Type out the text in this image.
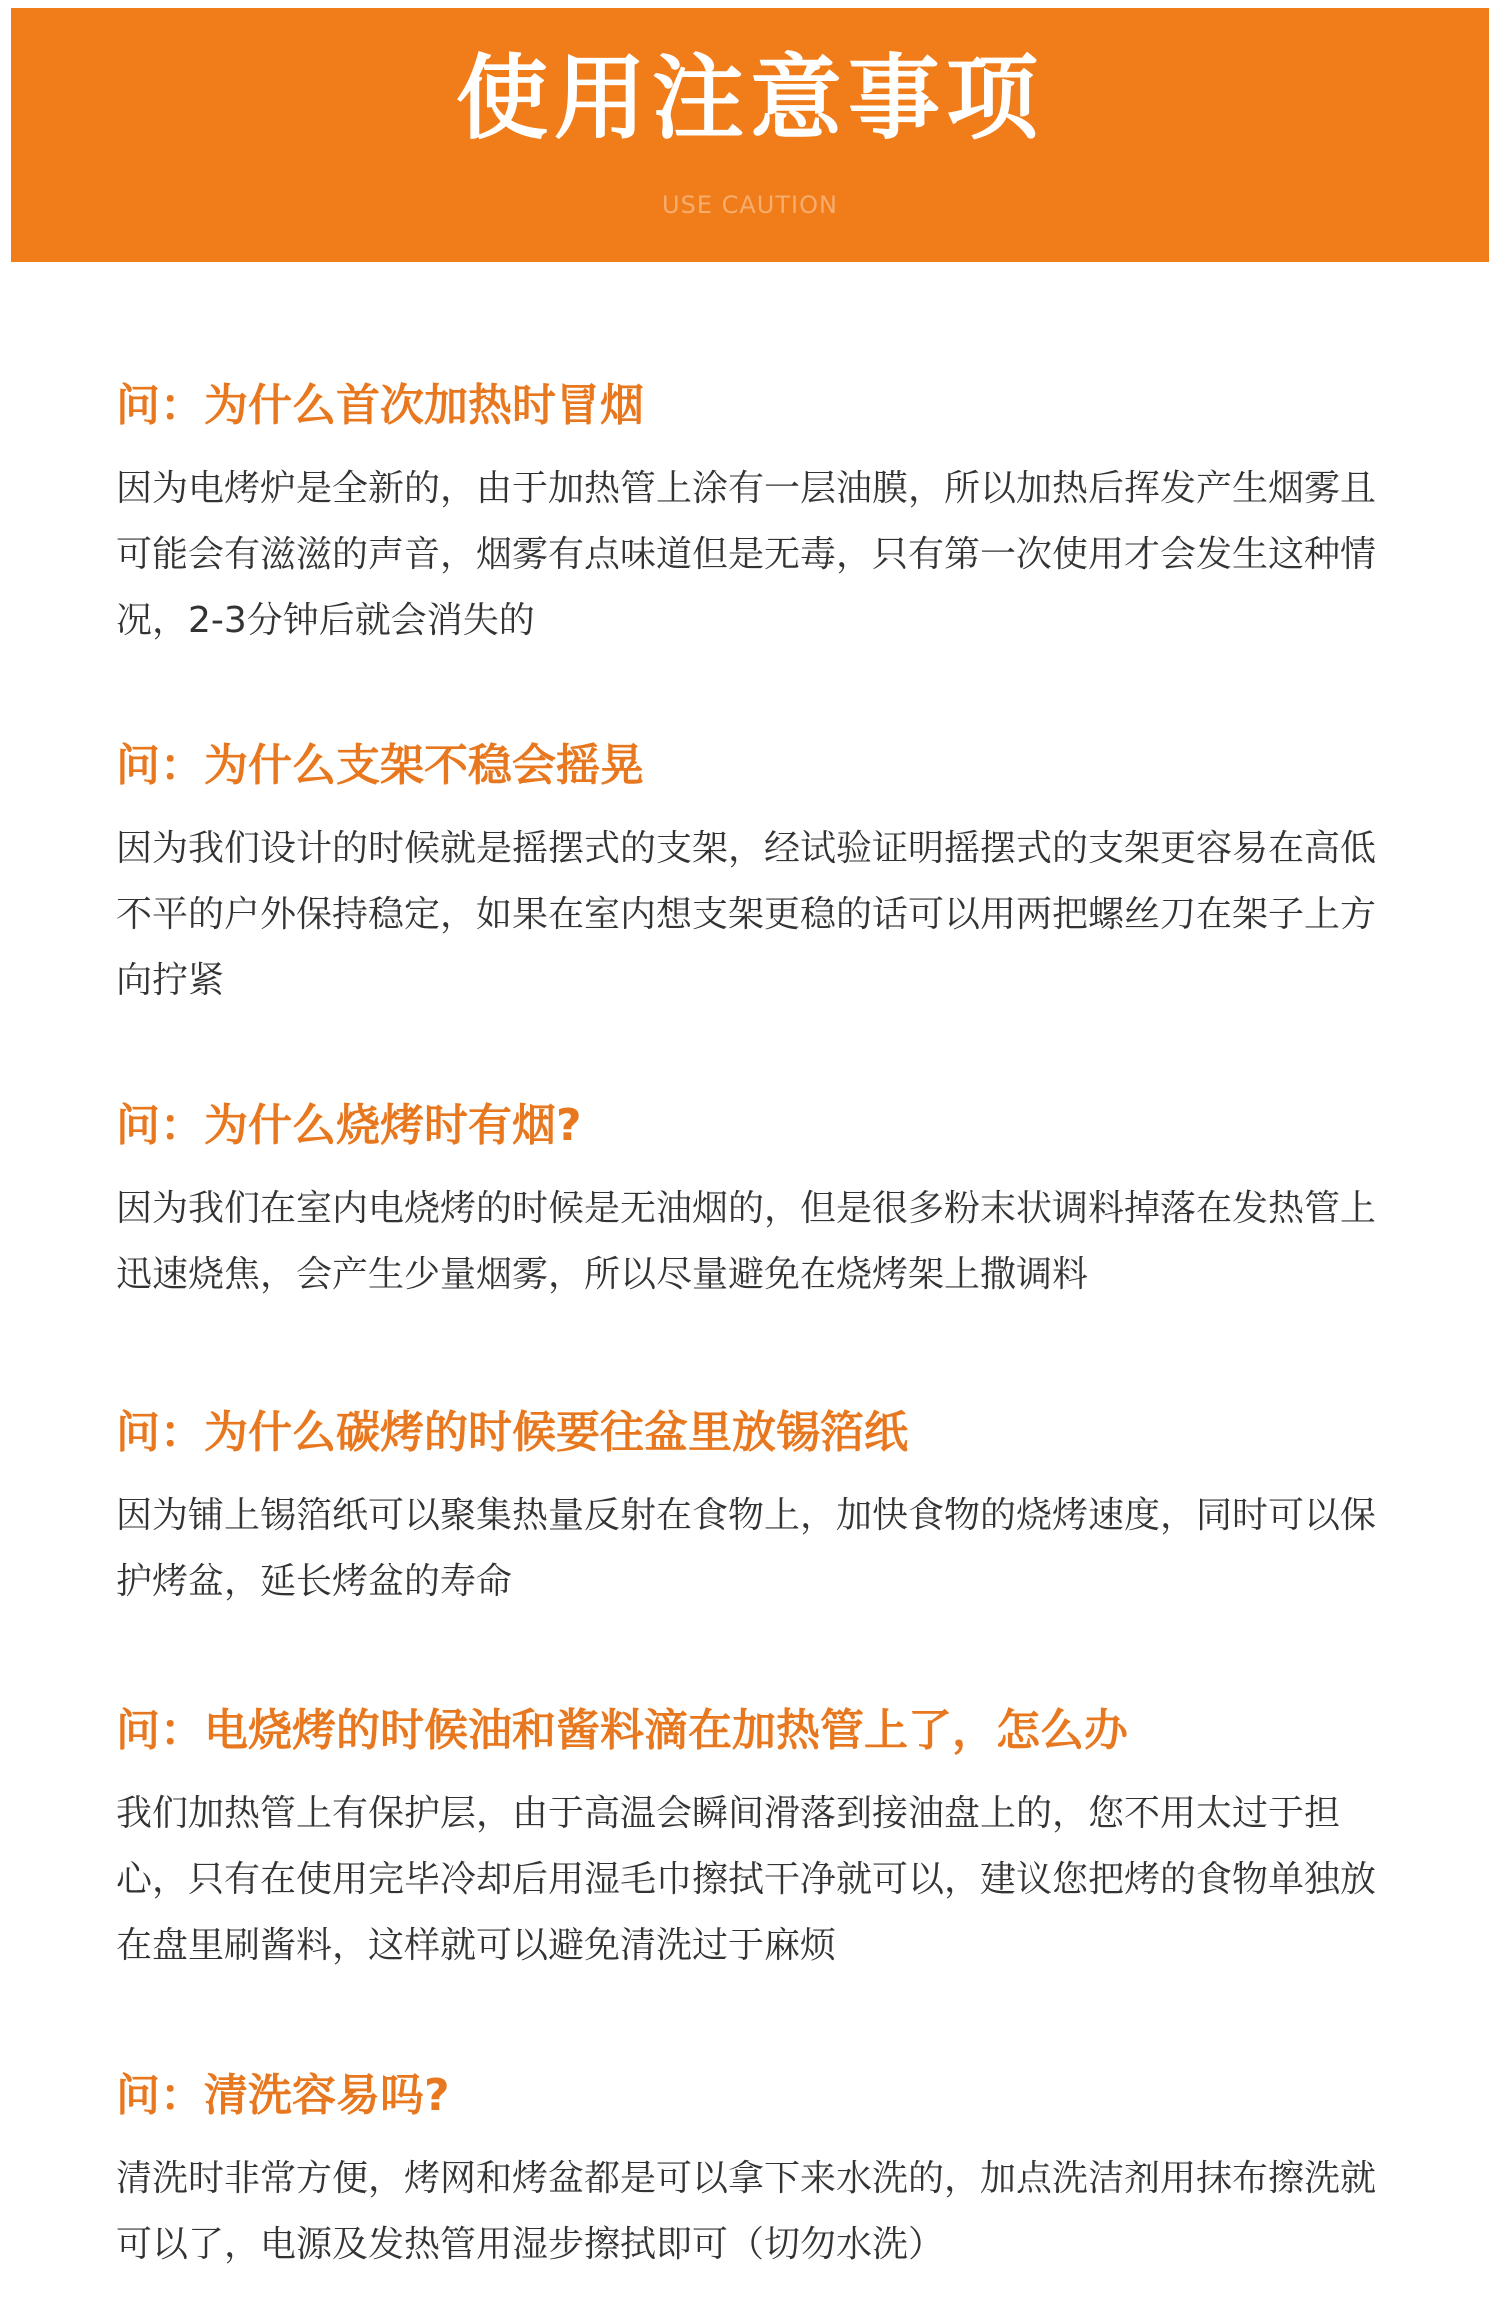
使用注意事项
USE CAUTION
问：为什么首次加热时冒烟

因为电烤炉是全新的，由于加热管上涂有一层油膜，所以加热后挥发产生烟雾且可能会有滋滋的声音，烟雾有点味道但是无毒，只有第一次使用才会发生这种情况，2-3分钟后就会消失的

问：为什么支架不稳会摇晃

因为我们设计的时候就是摇摆式的支架，经试验证明摇摆式的支架更容易在高低不平的户外保持稳定，如果在室内想支架更稳的话可以用两把螺丝刀在架子上方向拧紧

问：为什么烧烤时有烟?

因为我们在室内电烧烤的时候是无油烟的，但是很多粉末状调料掉落在发热管上迅速烧焦，会产生少量烟雾，所以尽量避免在烧烤架上撒调料

问：为什么碳烤的时候要往盆里放锡箔纸

因为铺上锡箔纸可以聚集热量反射在食物上，加快食物的烧烤速度，同时可以保护烤盆，延长烤盆的寿命

问：电烧烤的时候油和酱料滴在加热管上了，怎么办

我们加热管上有保护层，由于高温会瞬间滑落到接油盘上的，您不用太过于担心，只有在使用完毕冷却后用湿毛巾擦拭干净就可以，建议您把烤的食物单独放在盘里刷酱料，这样就可以避免清洗过于麻烦

问：清洗容易吗?

清洗时非常方便，烤网和烤盆都是可以拿下来水洗的，加点洗洁剂用抹布擦洗就可以了，电源及发热管用湿步擦拭即可（切勿水洗）
